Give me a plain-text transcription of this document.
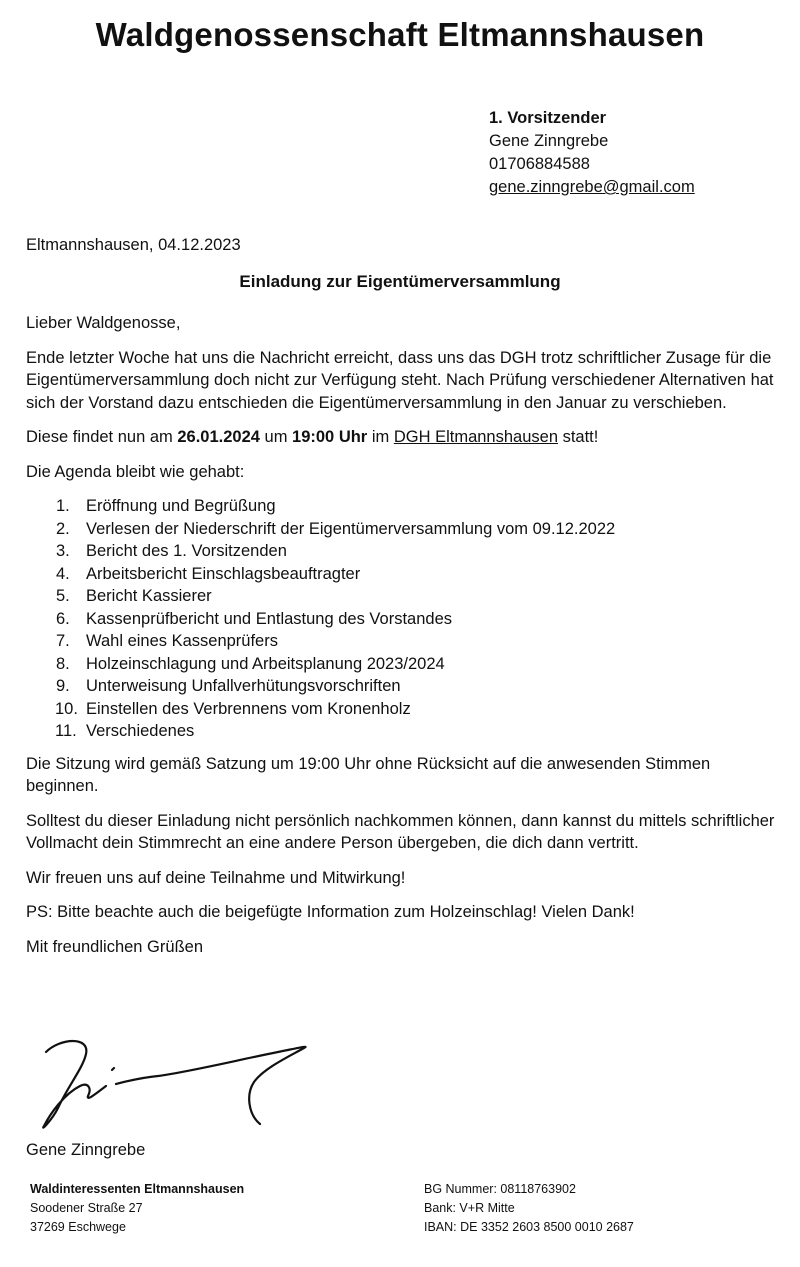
Waldgenossenschaft Eltmannshausen
1. Vorsitzender
Gene Zinngrebe
01706884588
gene.zinngrebe@gmail.com
Eltmannshausen, 04.12.2023
Einladung zur Eigentümerversammlung

Lieber Waldgenosse,

Ende letzter Woche hat uns die Nachricht erreicht, dass uns das DGH trotz schriftlicher Zusage für die Eigentümerversammlung doch nicht zur Verfügung steht. Nach Prüfung verschiedener Alternativen hat sich der Vorstand dazu entschieden die Eigentümerversammlung in den Januar zu verschieben.

Diese findet nun am 26.01.2024 um 19:00 Uhr im DGH Eltmannshausen statt!

Die Agenda bleibt wie gehabt:

1. Eröffnung und Begrüßung
2. Verlesen der Niederschrift der Eigentümerversammlung vom 09.12.2022
3. Bericht des 1. Vorsitzenden
4. Arbeitsbericht Einschlagsbeauftragter
5. Bericht Kassierer
6. Kassenprüfbericht und Entlastung des Vorstandes
7. Wahl eines Kassenprüfers
8. Holzeinschlagung und Arbeitsplanung 2023/2024
9. Unterweisung Unfallverhütungsvorschriften
10. Einstellen des Verbrennens vom Kronenholz
11. Verschiedenes

Die Sitzung wird gemäß Satzung um 19:00 Uhr ohne Rücksicht auf die anwesenden Stimmen beginnen.

Solltest du dieser Einladung nicht persönlich nachkommen können, dann kannst du mittels schriftlicher Vollmacht dein Stimmrecht an eine andere Person übergeben, die dich dann vertritt.

Wir freuen uns auf deine Teilnahme und Mitwirkung!

PS: Bitte beachte auch die beigefügte Information zum Holzeinschlag! Vielen Dank!

Mit freundlichen Grüßen

Gene Zinngrebe
Waldinteressenten Eltmannshausen
Soodener Straße 27
37269 Eschwege
BG Nummer: 08118763902
Bank: V+R Mitte
IBAN: DE 3352 2603 8500 0010 2687
